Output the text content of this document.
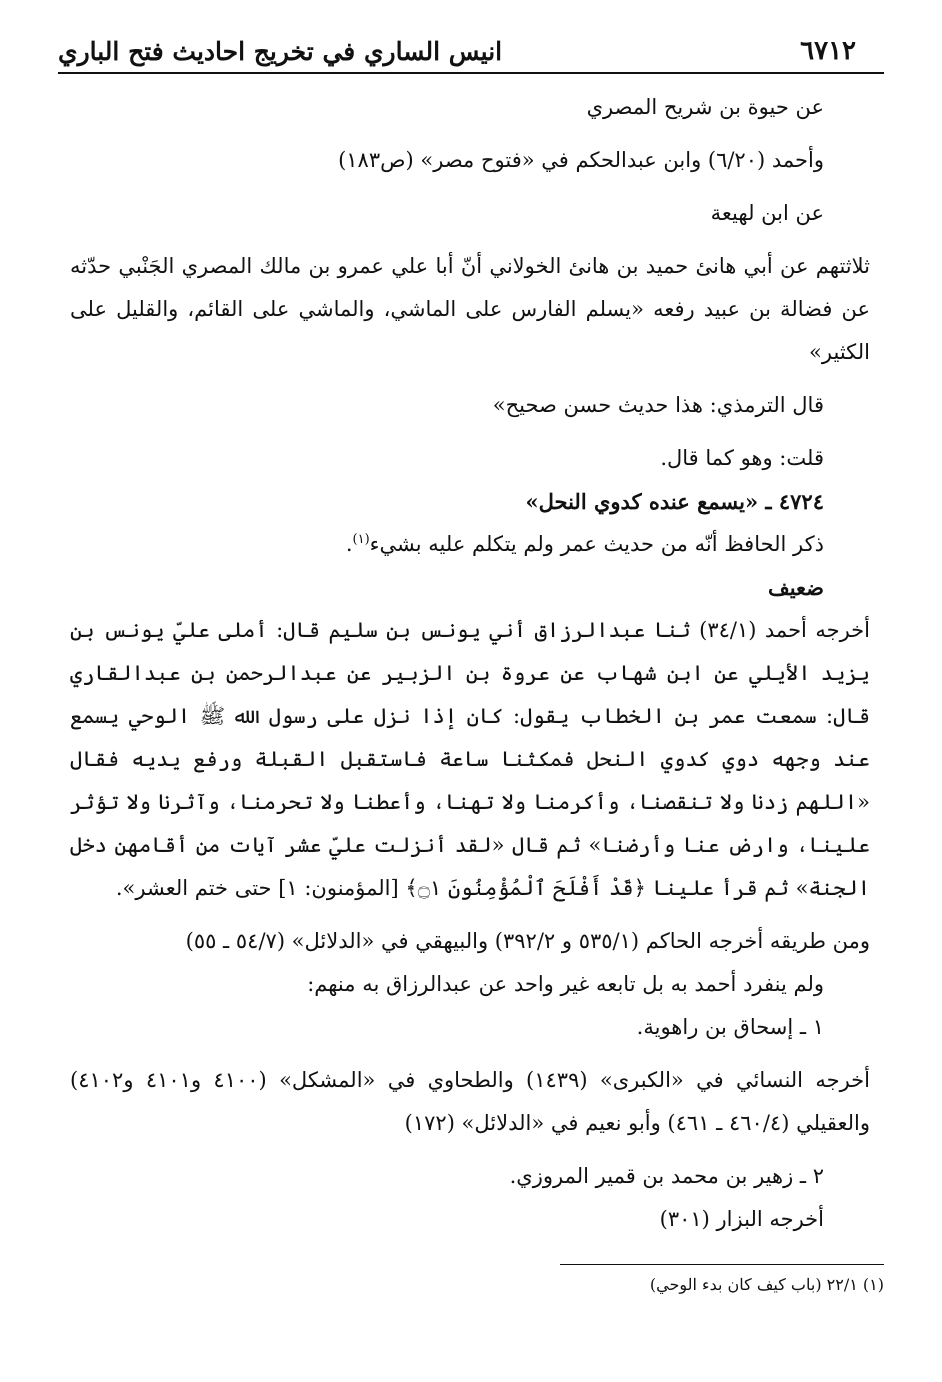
٦٧١٢
انيس الساري في تخريج احاديث فتح الباري

عن حيوة بن شريح المصري

وأحمد (٦/٢٠) وابن عبدالحكم في «فتوح مصر» (ص١٨٣)

عن ابن لهيعة

ثلاثتهم عن أبي هانئ حميد بن هانئ الخولاني أنّ أبا علي عمرو بن مالك المصري الجَنْبي حدّثه عن فضالة بن عبيد رفعه «يسلم الفارس على الماشي، والماشي على القائم، والقليل على الكثير»

قال الترمذي: هذا حديث حسن صحيح»

قلت: وهو كما قال.

٤٧٢٤ ـ «يسمع عنده كدوي النحل»

ذكر الحافظ أنّه من حديث عمر ولم يتكلم عليه بشيء$^{(١)}$.

ضعيف

أخرجه أحمد (٣٤/١) ثنا عبدالرزاق أني يونس بن سليم قال: أملى عليّ يونس بن يزيد الأيلي عن ابن شهاب عن عروة بن الزبير عن عبدالرحمن بن عبدالقاري قال: سمعت عمر بن الخطاب يقول: كان إذا نزل على رسول الله ﷺ الوحي يسمع عند وجهه دوي كدوي النحل فمكثنا ساعة فاستقبل القبلة ورفع يديه فقال «اللهم زدنا ولا تنقصنا، وأكرمنا ولا تهنا، وأعطنا ولا تحرمنا، وآثرنا ولا تؤثر علينا، وارض عنا وأرضنا» ثم قال «لقد أنزلت عليّ عشر آيات من أقامهن دخل الجنة» ثم قرأ علينا ﴿قَدْ أَفْلَحَ ٱلْمُؤْمِنُونَ ۝١﴾ [المؤمنون: ١] حتى ختم العشر».

ومن طريقه أخرجه الحاكم (٥٣٥/١ و ٣٩٢/٢) والبيهقي في «الدلائل» (٥٤/٧ ـ ٥٥)

ولم ينفرد أحمد به بل تابعه غير واحد عن عبدالرزاق به منهم:

١ ـ إسحاق بن راهوية.

أخرجه النسائي في «الكبرى» (١٤٣٩) والطحاوي في «المشكل» (٤١٠٠ و٤١٠١ و٤١٠٢) والعقيلي (٤٦٠/٤ ـ ٤٦١) وأبو نعيم في «الدلائل» (١٧٢)

٢ ـ زهير بن محمد بن قمير المروزي.

أخرجه البزار (٣٠١)

(١) ٢٢/١ (باب كيف كان بدء الوحي)
